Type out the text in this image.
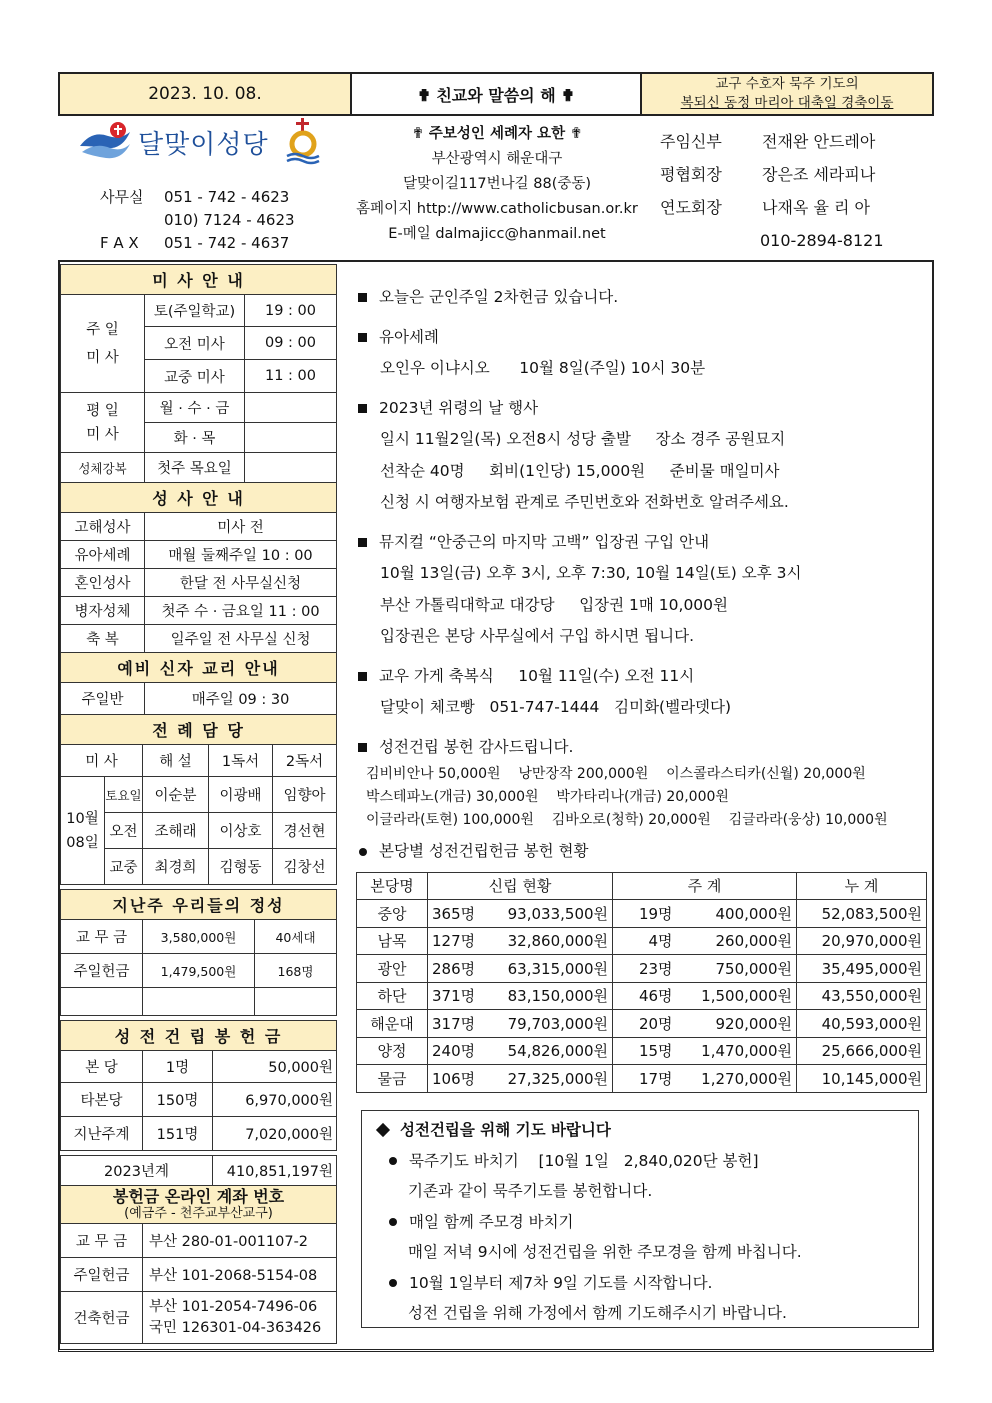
2023. 10. 08.	✟ 친교와 말씀의 해 ✟
교구 수호자 묵주 기도의
복되신 동정 마리아 대축일 경축이동
달맞이성당
사무실	051 - 742 - 4623
010) 7124 - 4623
F A X	051 - 742 - 4637
✟ 주보성인 세례자 요한 ✟
부산광역시 해운대구
달맞이길117번나길 88(중동)
홈페이지 http://www.catholicbusan.or.kr
E-메일 dalmajicc@hanmail.net
주임신부	전재완 안드레아
평협회장	장은조 세라피나
연도회장	나재옥 율 리 아
010-2894-8121
미 사 안 내		
주 일
미 사	토(주일학교)	19 : 00
	오전 미사	09 : 00
	교중 미사	11 : 00
평 일
미 사	월 · 수 · 금	
	화 · 목	
성체강복	첫주 목요일	
성 사 안 내	
고해성사	미사 전
유아세례	매월 둘째주일 10 : 00
혼인성사	한달 전 사무실신청
병자성체	첫주 수 · 금요일 11 : 00
축 복	일주일 전 사무실 신청
예비 신자 교리 안내
주일반	매주일 09 : 30
전 례 담 당				
미 사		해 설	1독서	2독서
10월
08일	토요일	이순분	이광배	임향아
	오전	조해래	이상호	경선현
	교중	최경희	김형동	김창선
지난주 우리들의 정성		
교 무 금	3,580,000원	40세대
주일헌금	1,479,500원	168명

성 전 건 립 봉 헌 금		
본 당	1명	50,000원
타본당	150명	6,970,000원
지난주계	151명	7,020,000원
2023년계	410,851,197원
봉헌금 온라인 계좌 번호
(예금주 - 천주교부산교구)	

교 무 금	부산 280-01-001107-2
주일헌금	부산 101-2068-5154-08
건축헌금	부산 101-2054-7496-06
국민 126301-04-363426
오늘은 군인주일 2차헌금 있습니다.
유아세례
오인우 이냐시오      10월 8일(주일) 10시 30분
2023년 위령의 날 행사
일시 11월2일(목) 오전8시 성당 출발     장소 경주 공원묘지
선착순 40명     회비(1인당) 15,000원     준비물 매일미사
신청 시 여행자보험 관계로 주민번호와 전화번호 알려주세요.
뮤지컬 “안중근의 마지막 고백” 입장권 구입 안내
10월 13일(금) 오후 3시, 오후 7:30, 10월 14일(토) 오후 3시
부산 가톨릭대학교 대강당     입장권 1매 10,000원
입장권은 본당 사무실에서 구입 하시면 됩니다.
교우 가게 축복식     10월 11일(수) 오전 11시
달맞이 체코빵   051-747-1444   김미화(벨라뎃다)
성전건립 봉헌 감사드립니다.
김비비안나 50,000원    낭만장작 200,000원    이스콜라스티카(신월) 20,000원
박스테파노(개금) 30,000원    박가타리나(개금) 20,000원
이글라라(토현) 100,000원    김바오로(청학) 20,000원    김글라라(웅상) 10,000원
본당별 성전건립헌금 봉헌 현황
본당명	신립 현황		주 계		누 계
중앙	365명	93,033,500원	19명	400,000원	52,083,500원
남목	127명	32,860,000원	4명	260,000원	20,970,000원
광안	286명	63,315,000원	23명	750,000원	35,495,000원
하단	371명	83,150,000원	46명	1,500,000원	43,550,000원
해운대	317명	79,703,000원	20명	920,000원	40,593,000원
양정	240명	54,826,000원	15명	1,470,000원	25,666,000원
물금	106명	27,325,000원	17명	1,270,000원	10,145,000원
성전건립을 위해 기도 바랍니다
묵주기도 바치기    [10월 1일   2,840,020단 봉헌]
기존과 같이 묵주기도를 봉헌합니다.
매일 함께 주모경 바치기
매일 저녁 9시에 성전건립을 위한 주모경을 함께 바칩니다.
10월 1일부터 제7차 9일 기도를 시작합니다.
성전 건립을 위해 가정에서 함께 기도해주시기 바랍니다.
